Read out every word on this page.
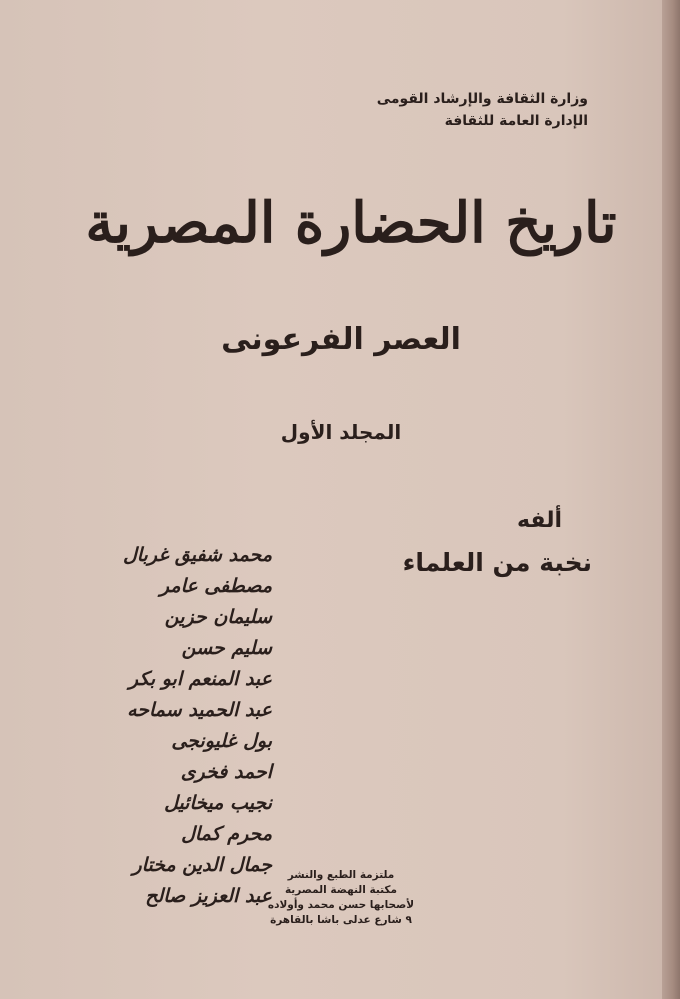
وزارة الثقافة والإرشاد القومى
الإدارة العامة للثقافة
تاريخ الحضارة المصرية
العصر الفرعونى
المجلد الأول
ألفه
نخبة من العلماء
محمد شفيق غربال
مصطفى عامر
سليمان حزين
سليم حسن
عبد المنعم ابو بكر
عبد الحميد سماحه
بول غليونجى
احمد فخرى
نجيب ميخائيل
محرم كمال
جمال الدين مختار
عبد العزيز صالح
ملتزمة الطبع والنشر
مكتبة النهضة المصرية
لأصحابها حسن محمد وأولاده
٩ شارع عدلى باشا بالقاهرة
